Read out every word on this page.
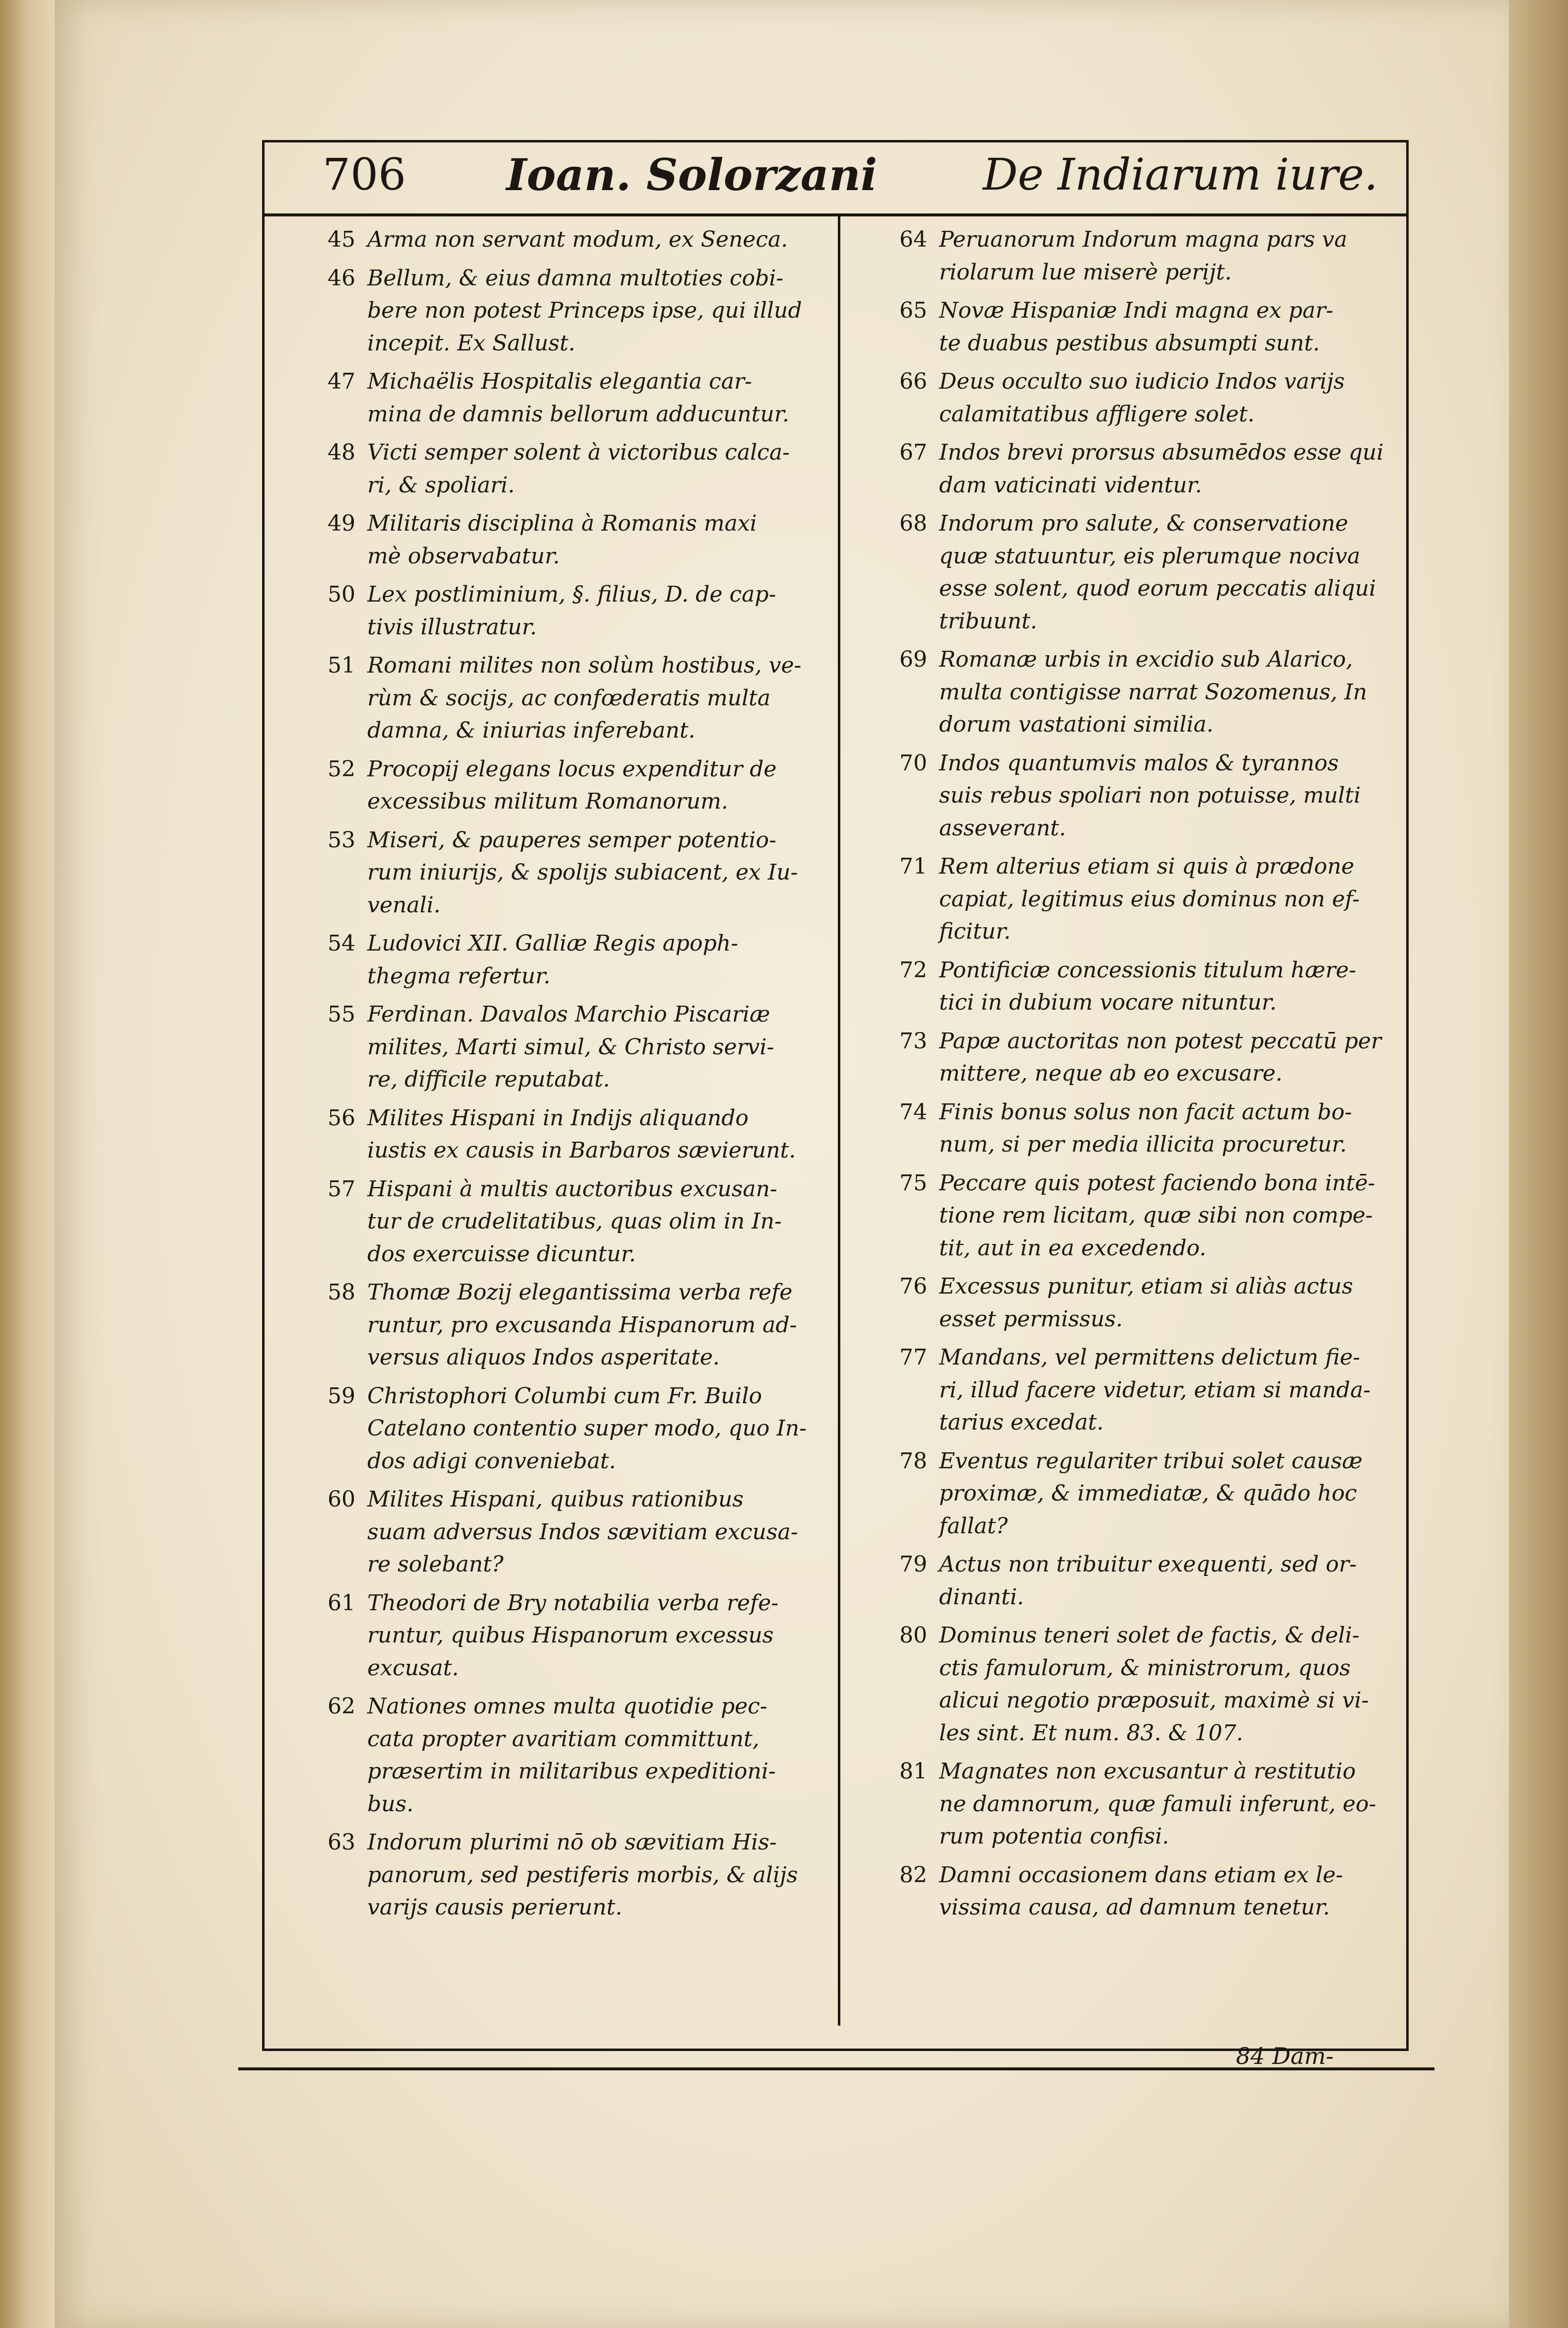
706 Ioan. Solorzani De Indiarum iure.
45 Arma non servant modum, ex Seneca.
46 Bellum, & eius damna multoties cobi-
bere non potest Princeps ipse, qui illud
incepit. Ex Sallust.
47 Michaëlis Hospitalis elegantia car-
mina de damnis bellorum adducuntur.
48 Victi semper solent à victoribus calca-
ri, & spoliari.
49 Militaris disciplina à Romanis maxi
mè observabatur.
50 Lex postliminium, §. filius, D. de cap-
tivis illustratur.
51 Romani milites non solùm hostibus, ve-
rùm & socijs, ac confœderatis multa
damna, & iniurias inferebant.
52 Procopij elegans locus expenditur de
excessibus militum Romanorum.
53 Miseri, & pauperes semper potentio-
rum iniurijs, & spolijs subiacent, ex Iu-
venali.
54 Ludovici XII. Galliæ Regis apoph-
thegma refertur.
55 Ferdinan. Davalos Marchio Piscariæ
milites, Marti simul, & Christo servi-
re, difficile reputabat.
56 Milites Hispani in Indijs aliquando
iustis ex causis in Barbaros sævierunt.
57 Hispani à multis auctoribus excusan-
tur de crudelitatibus, quas olim in In-
dos exercuisse dicuntur.
58 Thomæ Bozij elegantissima verba refe
runtur, pro excusanda Hispanorum ad-
versus aliquos Indos asperitate.
59 Christophori Columbi cum Fr. Builo
Catelano contentio super modo, quo In-
dos adigi conveniebat.
60 Milites Hispani, quibus rationibus
suam adversus Indos sævitiam excusa-
re solebant?
61 Theodori de Bry notabilia verba refe-
runtur, quibus Hispanorum excessus
excusat.
62 Nationes omnes multa quotidie pec-
cata propter avaritiam committunt,
præsertim in militaribus expeditioni-
bus.
63 Indorum plurimi nō ob sævitiam His-
panorum, sed pestiferis morbis, & alijs
varijs causis perierunt.
64 Peruanorum Indorum magna pars va
riolarum lue miserè perijt.
65 Novæ Hispaniæ Indi magna ex par-
te duabus pestibus absumpti sunt.
66 Deus occulto suo iudicio Indos varijs
calamitatibus affligere solet.
67 Indos brevi prorsus absumēdos esse qui
dam vaticinati videntur.
68 Indorum pro salute, & conservatione
quæ statuuntur, eis plerumque nociva
esse solent, quod eorum peccatis aliqui
tribuunt.
69 Romanæ urbis in excidio sub Alarico,
multa contigisse narrat Sozomenus, In
dorum vastationi similia.
70 Indos quantumvis malos & tyrannos
suis rebus spoliari non potuisse, multi
asseverant.
71 Rem alterius etiam si quis à prædone
capiat, legitimus eius dominus non ef-
ficitur.
72 Pontificiæ concessionis titulum hære-
tici in dubium vocare nituntur.
73 Papæ auctoritas non potest peccatū per
mittere, neque ab eo excusare.
74 Finis bonus solus non facit actum bo-
num, si per media illicita procuretur.
75 Peccare quis potest faciendo bona intē-
tione rem licitam, quæ sibi non compe-
tit, aut in ea excedendo.
76 Excessus punitur, etiam si aliàs actus
esset permissus.
77 Mandans, vel permittens delictum fie-
ri, illud facere videtur, etiam si manda-
tarius excedat.
78 Eventus regulariter tribui solet causæ
proximæ, & immediatæ, & quādo hoc
fallat?
79 Actus non tribuitur exequenti, sed or-
dinanti.
80 Dominus teneri solet de factis, & deli-
ctis famulorum, & ministrorum, quos
alicui negotio præposuit, maximè si vi-
les sint. Et num. 83. & 107.
81 Magnates non excusantur à restitutio
ne damnorum, quæ famuli inferunt, eo-
rum potentia confisi.
82 Damni occasionem dans etiam ex le-
vissima causa, ad damnum tenetur.
84 Dam-
